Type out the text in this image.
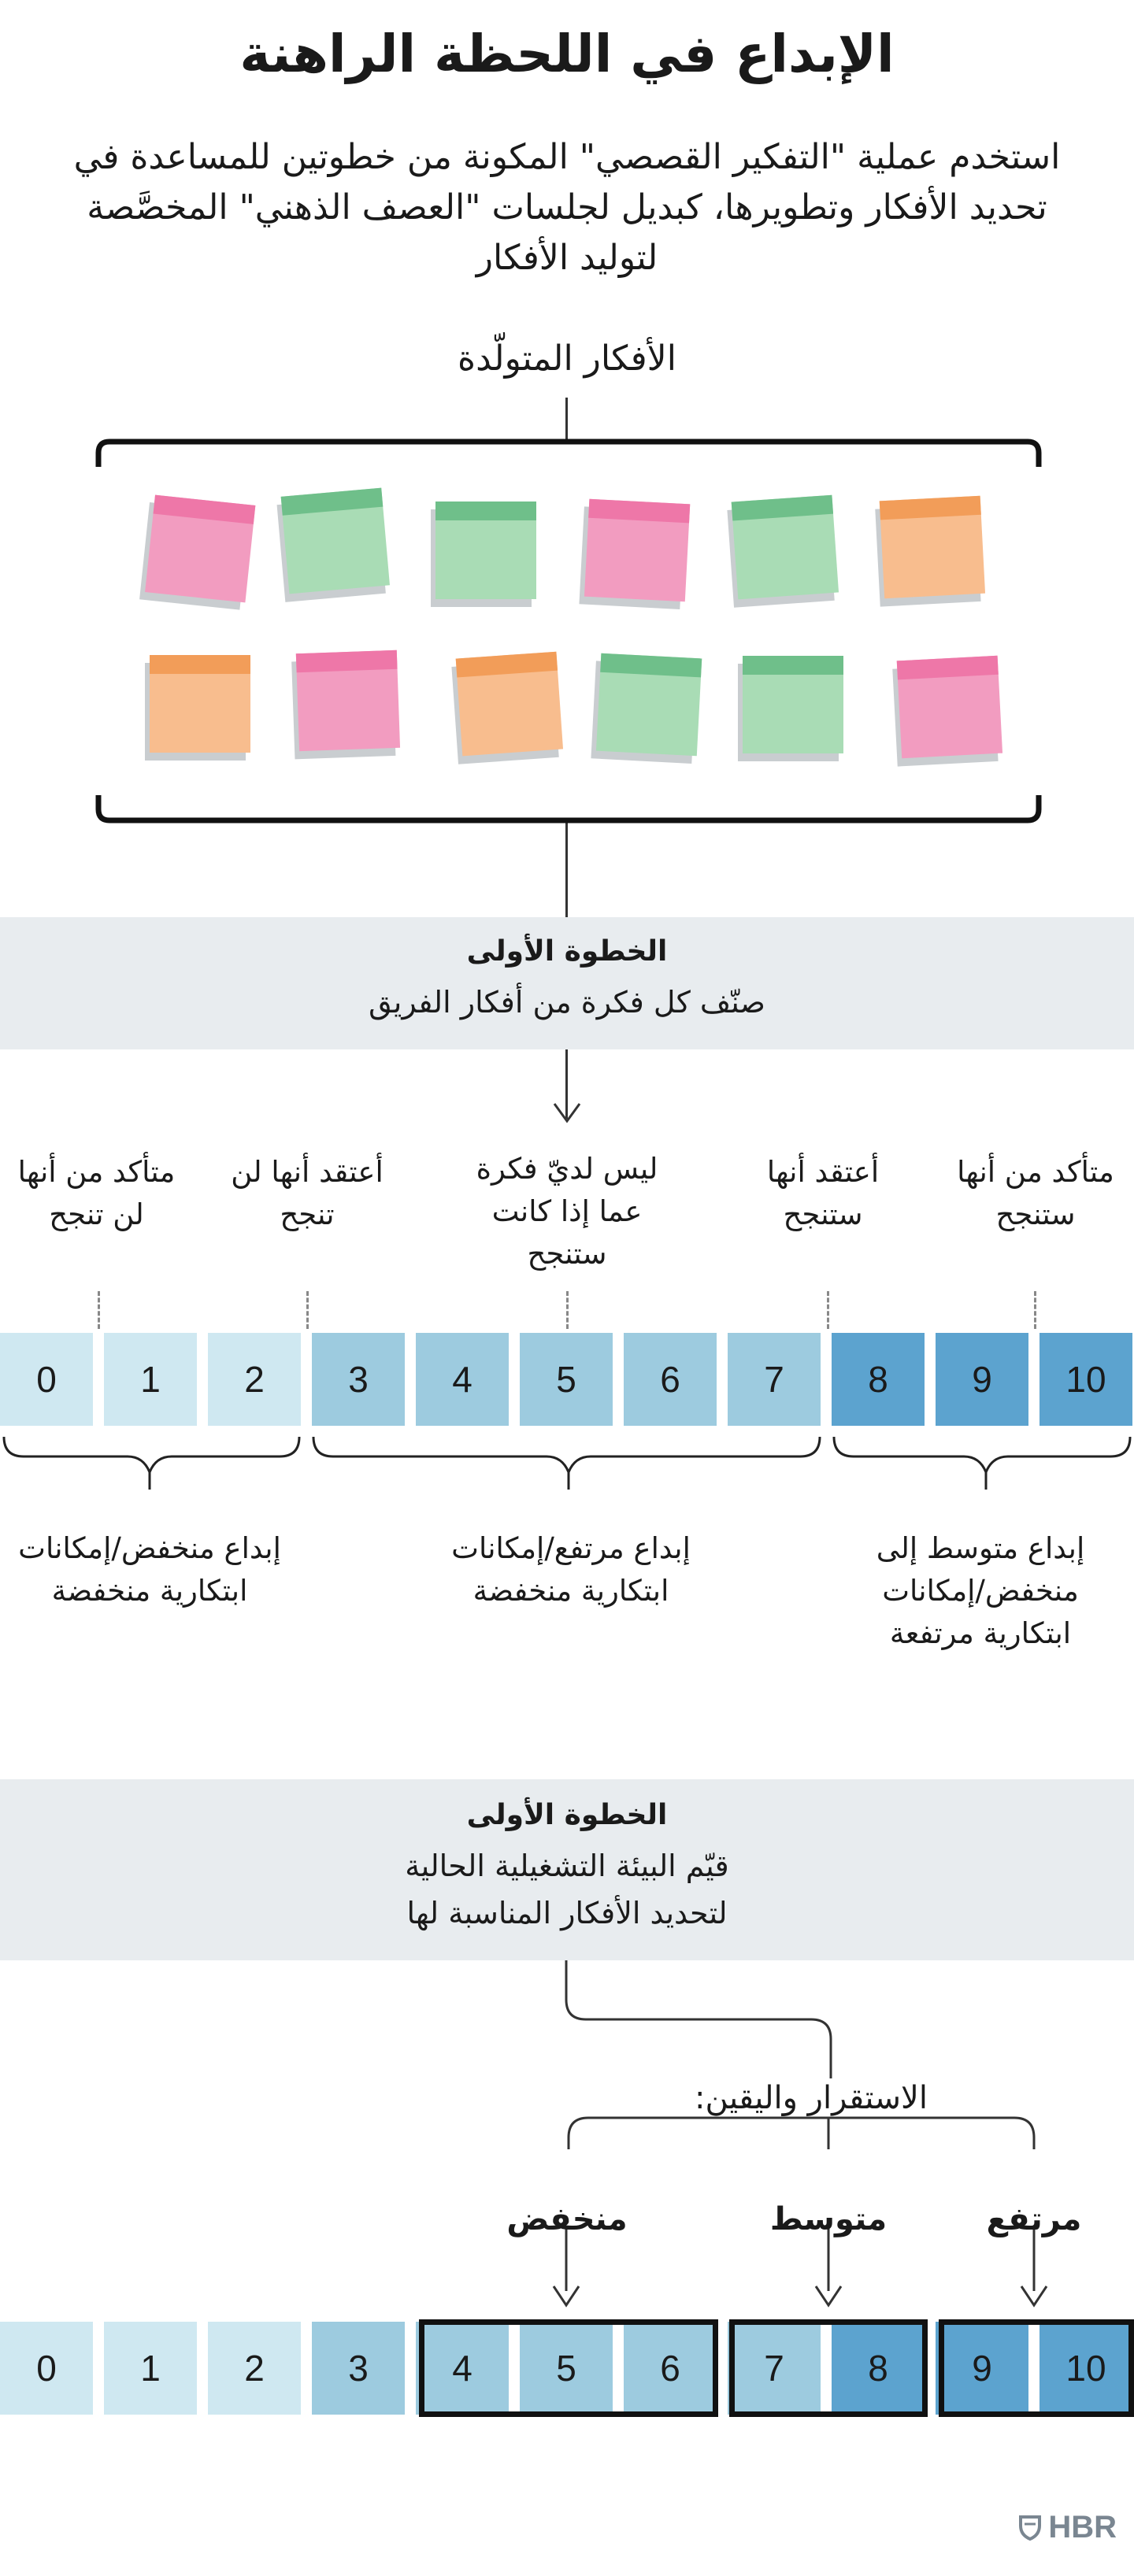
الإبداع في اللحظة الراهنة
استخدم عملية "التفكير القصصي" المكونة من خطوتين للمساعدة في تحديد الأفكار وتطويرها، كبديل لجلسات "العصف الذهني" المخصَّصة لتوليد الأفكار
الأفكار المتولّدة
الخطوة الأولى
صنّف كل فكرة من أفكار الفريق
متأكد من أنها لن تنجح
أعتقد أنها لن تنجح
ليس لديّ فكرة عما إذا كانت ستنجح
أعتقد أنها ستنجح
متأكد من أنها ستنجح
0	1	2	3	4	5	6	7	8	9	10
إبداع منخفض/إمكانات ابتكارية منخفضة
إبداع مرتفع/إمكانات ابتكارية منخفضة
إبداع متوسط إلى منخفض/إمكانات ابتكارية مرتفعة
الخطوة الأولى
قيّم البيئة التشغيلية الحالية
لتحديد الأفكار المناسبة لها
الاستقرار واليقين:
منخفض	متوسط	مرتفع
0	1	2	3	4	5	6	7	8	9	10
HBR
